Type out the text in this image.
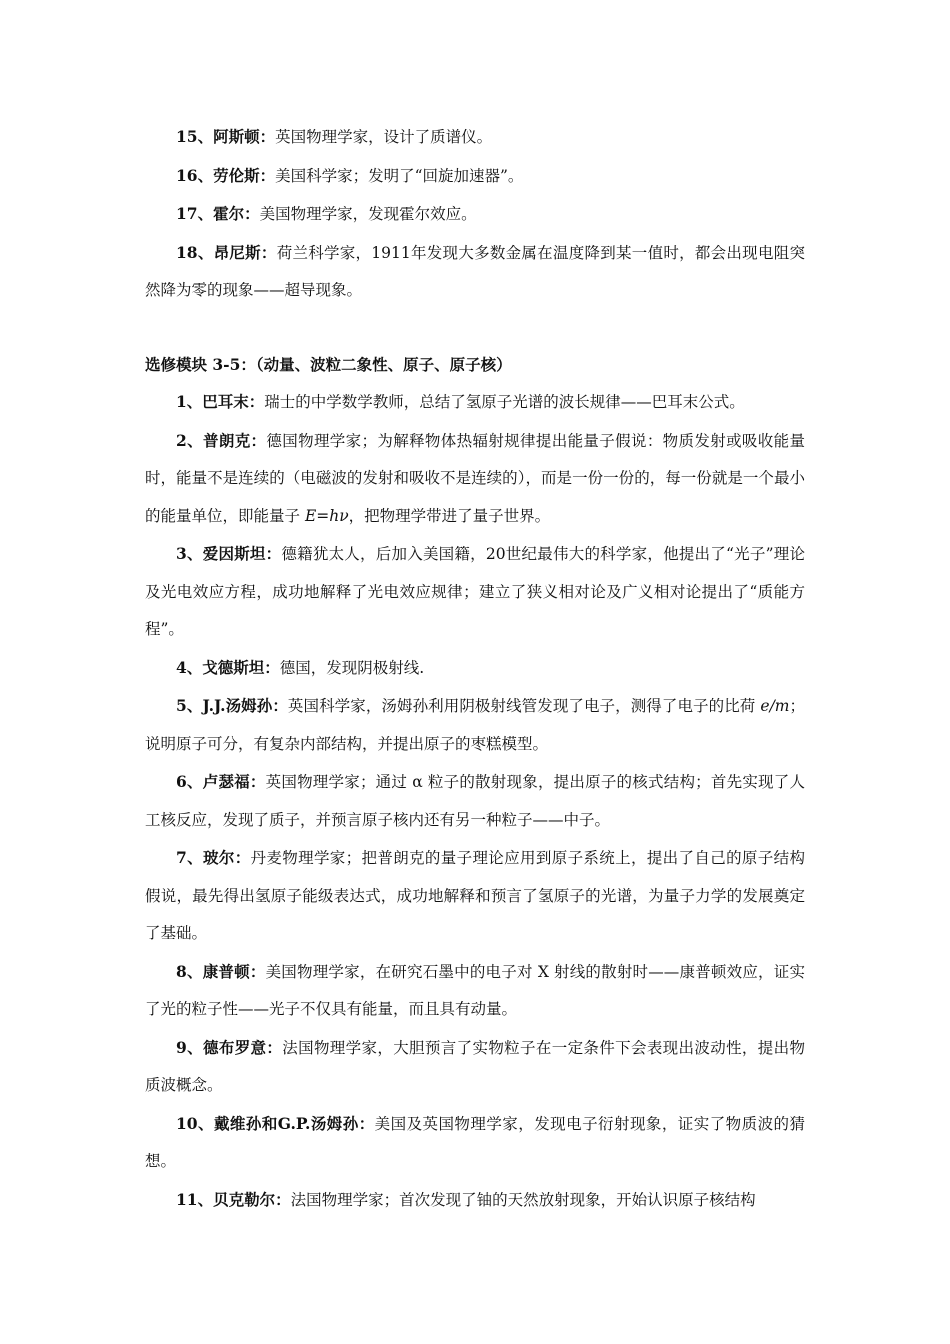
15、阿斯顿：英国物理学家，设计了质谱仪。

16、劳伦斯：美国科学家；发明了“回旋加速器”。

17、霍尔：美国物理学家，发现霍尔效应。

18、昂尼斯：荷兰科学家，1911年发现大多数金属在温度降到某一值时，都会出现电阻突然降为零的现象——超导现象。

选修模块 3-5：（动量、波粒二象性、原子、原子核）

1、巴耳末：瑞士的中学数学教师，总结了氢原子光谱的波长规律——巴耳末公式。

2、普朗克：德国物理学家；为解释物体热辐射规律提出能量子假说：物质发射或吸收能量时，能量不是连续的（电磁波的发射和吸收不是连续的），而是一份一份的，每一份就是一个最小的能量单位，即能量子 E=hν，把物理学带进了量子世界。

3、爱因斯坦：德籍犹太人，后加入美国籍，20世纪最伟大的科学家，他提出了“光子”理论及光电效应方程，成功地解释了光电效应规律；建立了狭义相对论及广义相对论提出了“质能方程”。

4、戈德斯坦：德国，发现阴极射线.

5、J.J.汤姆孙：英国科学家，汤姆孙利用阴极射线管发现了电子，测得了电子的比荷 e/m；说明原子可分，有复杂内部结构，并提出原子的枣糕模型。

6、卢瑟福：英国物理学家；通过 α 粒子的散射现象，提出原子的核式结构；首先实现了人工核反应，发现了质子，并预言原子核内还有另一种粒子——中子。

7、玻尔：丹麦物理学家；把普朗克的量子理论应用到原子系统上，提出了自己的原子结构假说，最先得出氢原子能级表达式，成功地解释和预言了氢原子的光谱，为量子力学的发展奠定了基础。

8、康普顿：美国物理学家，在研究石墨中的电子对 X 射线的散射时——康普顿效应，证实了光的粒子性——光子不仅具有能量，而且具有动量。

9、德布罗意：法国物理学家，大胆预言了实物粒子在一定条件下会表现出波动性，提出物质波概念。

10、戴维孙和G.P.汤姆孙：美国及英国物理学家，发现电子衍射现象，证实了物质波的猜想。

11、贝克勒尔：法国物理学家；首次发现了铀的天然放射现象，开始认识原子核结构
